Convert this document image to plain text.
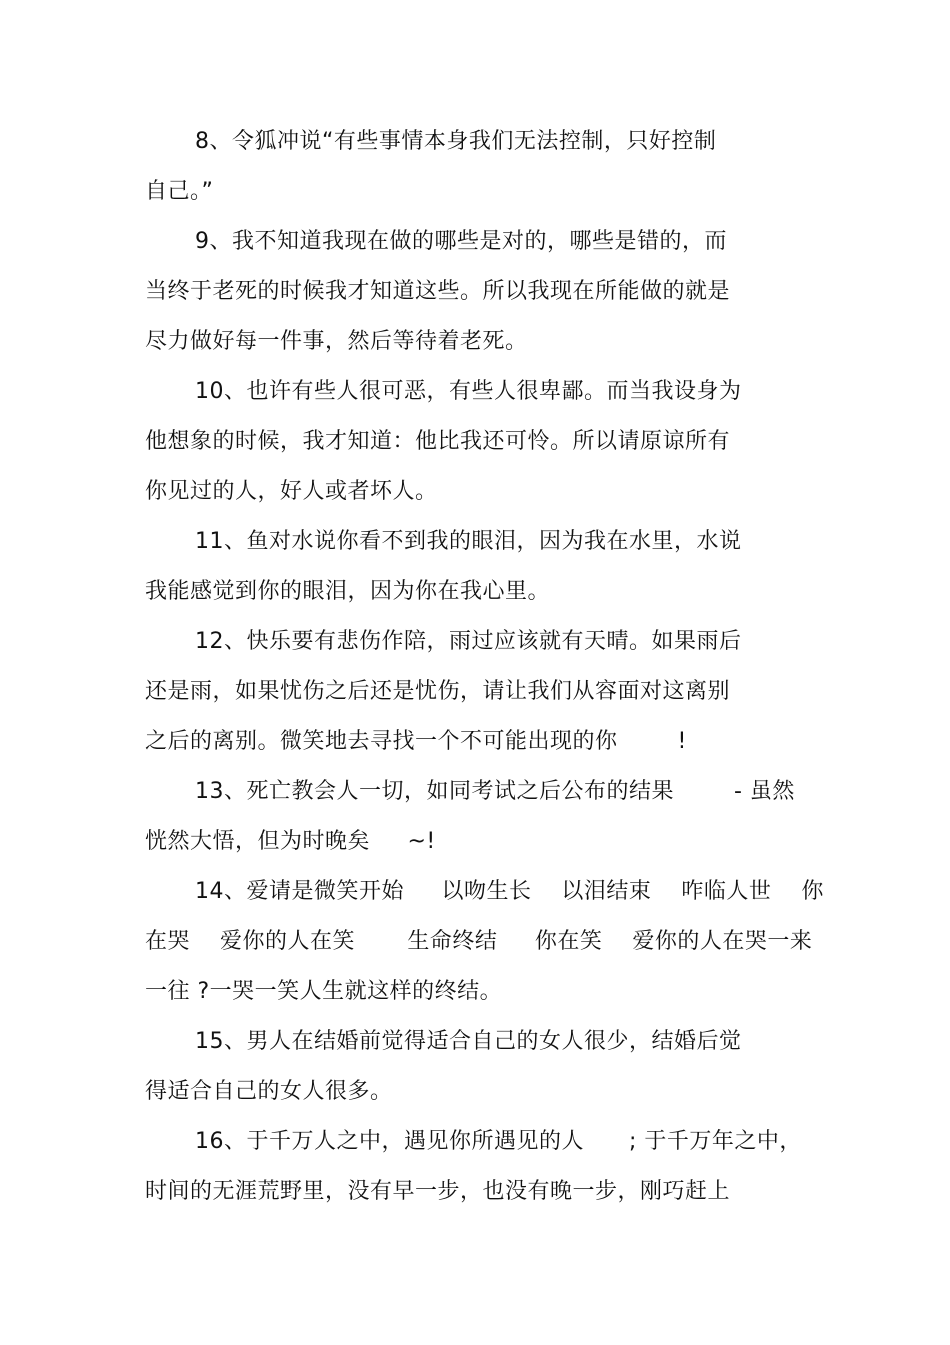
8、令狐冲说“有些事情本身我们无法控制，只好控制
自己。”
9、我不知道我现在做的哪些是对的，哪些是错的，而
当终于老死的时候我才知道这些。所以我现在所能做的就是
尽力做好每一件事，然后等待着老死。
10、也许有些人很可恶，有些人很卑鄙。而当我设身为
他想象的时候，我才知道：他比我还可怜。所以请原谅所有
你见过的人，好人或者坏人。
11、鱼对水说你看不到我的眼泪，因为我在水里，水说
我能感觉到你的眼泪，因为你在我心里。
12、快乐要有悲伤作陪，雨过应该就有天晴。如果雨后
还是雨，如果忧伤之后还是忧伤，请让我们从容面对这离别
之后的离别。微笑地去寻找一个不可能出现的你        !
13、死亡教会人一切，如同考试之后公布的结果        - 虽然
恍然大悟，但为时晚矣     ~!
14、爱请是微笑开始     以吻生长    以泪结束    咋临人世    你
在哭    爱你的人在笑       生命终结     你在笑    爱你的人在哭一来
一往 ?一哭一笑人生就这样的终结。
15、男人在结婚前觉得适合自己的女人很少，结婚后觉
得适合自己的女人很多。
16、于千万人之中，遇见你所遇见的人      ; 于千万年之中，
时间的无涯荒野里，没有早一步，也没有晚一步，刚巧赶上
